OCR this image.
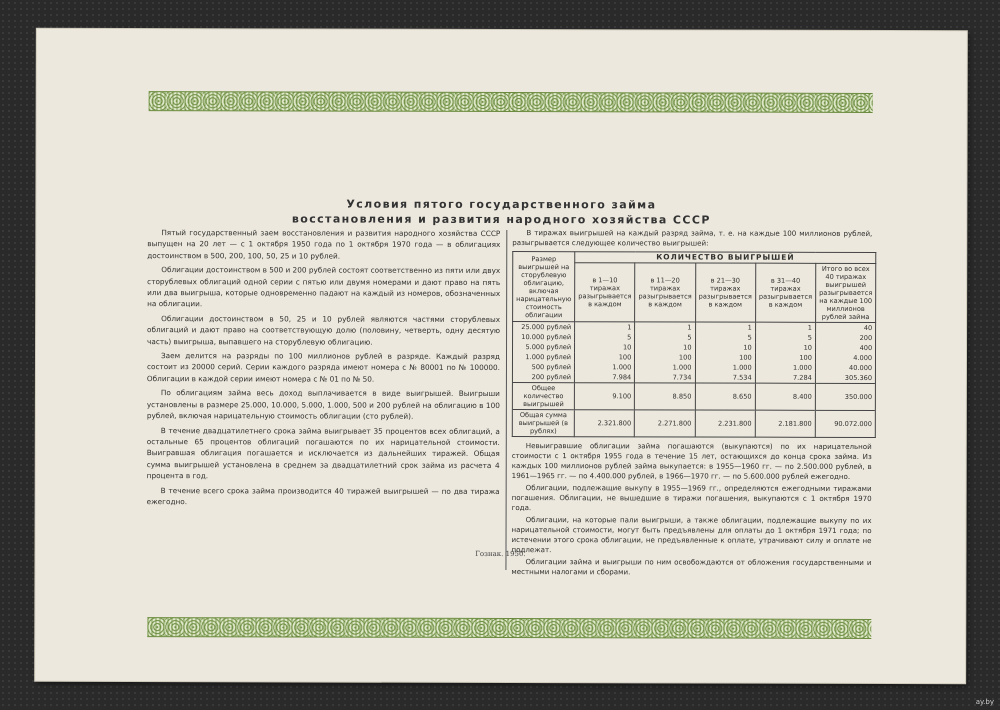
Условия пятого государственного займа
восстановления и развития народного хозяйства СССР

Пятый государственный заем восстановления и развития народного хозяйства СССР выпущен на 20 лет — с 1 октября 1950 года по 1 октября 1970 года — в облигациях достоинством в 500, 200, 100, 50, 25 и 10 рублей.

Облигации достоинством в 500 и 200 рублей состоят соответственно из пяти или двух сторублевых облигаций одной серии с пятью или двумя номерами и дают право на пять или два выигрыша, которые одновременно падают на каждый из номеров, обозначенных на облигации.

Облигации достоинством в 50, 25 и 10 рублей являются частями сторублевых облигаций и дают право на соответствующую долю (половину, четверть, одну десятую часть) выигрыша, выпавшего на сторублевую облигацию.

Заем делится на разряды по 100 миллионов рублей в разряде. Каждый разряд состоит из 20000 серий. Серии каждого разряда имеют номера с № 80001 по № 100000. Облигации в каждой серии имеют номера с № 01 по № 50.

По облигациям займа весь доход выплачивается в виде выигрышей. Выигрыши установлены в размере 25.000, 10.000, 5.000, 1.000, 500 и 200 рублей на облигацию в 100 рублей, включая нарицательную стоимость облигации (сто рублей).

В течение двадцатилетнего срока займа выигрывает 35 процентов всех облигаций, а остальные 65 процентов облигаций погашаются по их нарицательной стоимости. Выигравшая облигация погашается и исключается из дальнейших тиражей. Общая сумма выигрышей установлена в среднем за двадцатилетний срок займа из расчета 4 процента в год.

В течение всего срока займа производится 40 тиражей выигрышей — по два тиража ежегодно.

В тиражах выигрышей на каждый разряд займа, т. е. на каждые 100 миллионов рублей, разыгрывается следующее количество выигрышей:

Размер выигрышей на сторублевую облигацию, включая нарицательную стоимость облигации	КОЛИЧЕСТВО ВЫИГРЫШЕЙ				
	в 1—10 тиражах разыгрывается в каждом	в 11—20 тиражах разыгрывается в каждом	в 21—30 тиражах разыгрывается в каждом	в 31—40 тиражах разыгрывается в каждом	Итого во всех 40 тиражах выигрышей разыгрывается на каждые 100 миллионов рублей займа
25.000 рублей	1	1	1	1	40
10.000 рублей	5	5	5	5	200
5.000 рублей	10	10	10	10	400
1.000 рублей	100	100	100	100	4.000
500 рублей	1.000	1.000	1.000	1.000	40.000
200 рублей	7.984	7.734	7.534	7.284	305.360
Общее количество выигрышей	9.100	8.850	8.650	8.400	350.000
Общая сумма выигрышей (в рублях)	2.321.800	2.271.800	2.231.800	2.181.800	90.072.000

Невыигравшие облигации займа погашаются (выкупаются) по их нарицательной стоимости с 1 октября 1955 года в течение 15 лет, остающихся до конца срока займа. Из каждых 100 миллионов рублей займа выкупается: в 1955—1960 гг. — по 2.500.000 рублей, в 1961—1965 гг. — по 4.400.000 рублей, в 1966—1970 гг. — по 5.600.000 рублей ежегодно.

Облигации, подлежащие выкупу в 1955—1969 гг., определяются ежегодными тиражами погашения. Облигации, не вышедшие в тиражи погашения, выкупаются с 1 октября 1970 года.

Облигации, на которые пали выигрыши, а также облигации, подлежащие выкупу по их нарицательной стоимости, могут быть предъявлены для оплаты до 1 октября 1971 года; по истечении этого срока облигации, не предъявленные к оплате, утрачивают силу и оплате не подлежат.

Облигации займа и выигрыши по ним освобождаются от обложения государственными и местными налогами и сборами.

Гознак. 1950.
ay.by
